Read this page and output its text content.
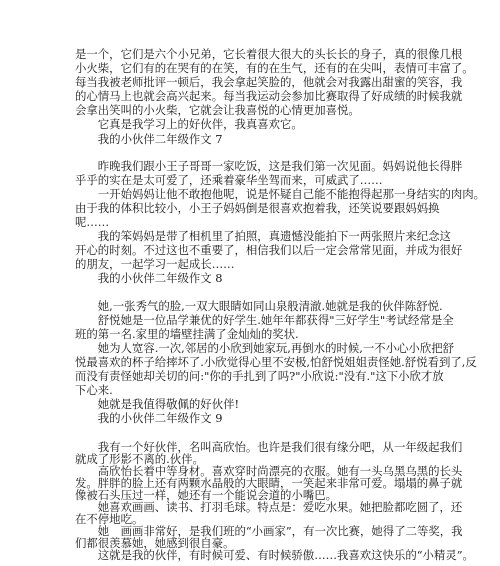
是一个，它们是六个小兄弟，它长着很大很大的头长长的身子，真的很像几根
小火柴，它们有的在哭有的在笑，有的在生气，还有的在尖叫，表情可丰富了。
每当我被老师批评一顿后，我会拿起笑脸的，他就会对我露出甜蜜的笑容，我
的心情马上也就会高兴起来。每当我运动会参加比赛取得了好成绩的时候我就
会拿出笑叫的小火柴，它就会让我喜悦的心情更加喜悦。
　　它真是我学习上的好伙伴，我真喜欢它。
　　我的小伙伴二年级作文 7
　　昨晚我们跟小王子哥哥一家吃饭，这是我们第一次见面。妈妈说他长得胖
乎乎的实在是太可爱了，还乘着豪华坐驾而来，可威武了……
　　一开始妈妈让他不敢抱他呢，说是怀疑自己能不能抱得起那一身结实的肉肉。
由于我的体积比较小，小王子妈妈倒是很喜欢抱着我，还笑说要跟妈妈换
呢……
　　我的笨妈妈是带了相机里了拍照，真遗憾没能拍下一两张照片来纪念这
开心的时刻。不过这也不重要了，相信我们以后一定会常常见面，并成为很好
的朋友，一起学习一起成长……
　　我的小伙伴二年级作文 8
　　她,一张秀气的脸,一双大眼睛如同山泉般清澈.她就是我的伙伴陈舒悦.
　　舒悦她是一位品学兼优的好学生.她年年都获得"三好学生"考试经常是全
班的第一名.家里的墙壁挂满了金灿灿的奖状.
　　她为人宽容.一次,邻居的小欣到她家玩,再倒水的时候,一不小心小欣把舒
悦最喜欢的杯子给摔坏了.小欣觉得心里不安极,怕舒悦姐姐责怪她.舒悦看到了,反
而没有责怪她却关切的问:"你的手扎到了吗?"小欣说:"没有."这下小欣才放
下心来.
　　她就是我值得敬佩的好伙伴!
　　我的小伙伴二年级作文 9
　　我有一个好伙伴，名叫高欣怡。也许是我们很有缘分吧，从一年级起我们
就成了形影不离的.伙伴。
　　高欣怡长着中等身材。喜欢穿时尚漂亮的衣服。她有一头乌黑乌黑的长头
发。胖胖的脸上还有两颗水晶般的大眼睛，一笑起来非常可爱。塌塌的鼻子就
像被石头压过一样，她还有一个能说会道的小嘴巴。
　　她喜欢画画、读书、打羽毛球。特点是：爱吃水果。她把脸都吃圆了，还
在不停地吃。
　　她　画画非常好，是我们班的“小画家”，有一次比赛，她得了二等奖，我
们都很羡慕她，她感到很自豪。
　　这就是我的伙伴，有时候可爱、有时候骄傲……我喜欢这快乐的“小精灵”。
